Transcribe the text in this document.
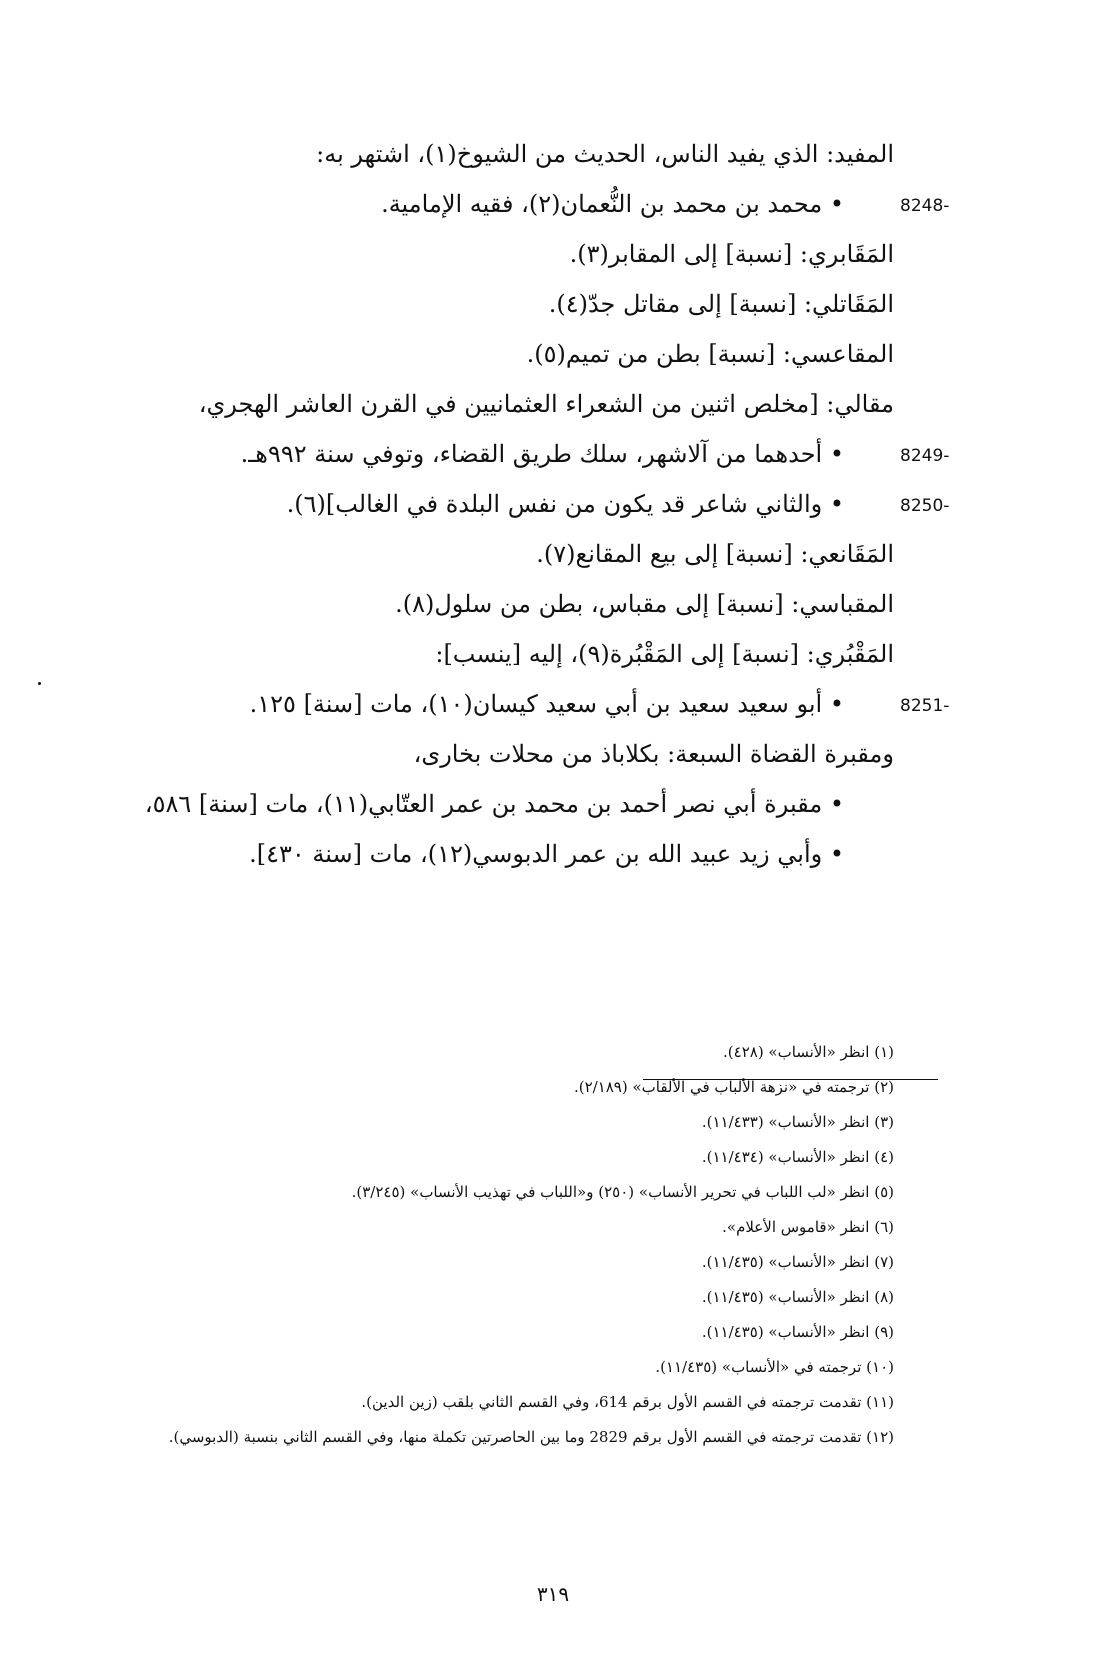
المفيد: الذي يفيد الناس، الحديث من الشيوخ(١)، اشتهر به:
• محمد بن محمد بن النُّعمان(٢)، فقيه الإمامية.
المَقَابري: [نسبة] إلى المقابر(٣).
المَقَاتلي: [نسبة] إلى مقاتل جدّ(٤).
المقاعسي: [نسبة] بطن من تميم(٥).
مقالي: [مخلص اثنين من الشعراء العثمانيين في القرن العاشر الهجري،
• أحدهما من آلاشهر، سلك طريق القضاء، وتوفي سنة ٩٩٢هـ.
• والثاني شاعر قد يكون من نفس البلدة في الغالب](٦).
المَقَانعي: [نسبة] إلى بيع المقانع(٧).
المقباسي: [نسبة] إلى مقباس، بطن من سلول(٨).
المَقْبُري: [نسبة] إلى المَقْبُرة(٩)، إليه [ينسب]:
• أبو سعيد سعيد بن أبي سعيد كيسان(١٠)، مات [سنة] ١٢٥.
ومقبرة القضاة السبعة: بكلاباذ من محلات بخارى،
• مقبرة أبي نصر أحمد بن محمد بن عمر العتّابي(١١)، مات [سنة] ٥٨٦،
• وأبي زيد عبيد الله بن عمر الدبوسي(١٢)، مات [سنة ٤٣٠].
8248-
8249-
8250-
8251-
(١) انظر «الأنساب» (٤٢٨).
(٢) ترجمته في «نزهة الألباب في الألقاب» (٢/١٨٩).
(٣) انظر «الأنساب» (١١/٤٣٣).
(٤) انظر «الأنساب» (١١/٤٣٤).
(٥) انظر «لب اللباب في تحرير الأنساب» (٢٥٠) و«اللباب في تهذيب الأنساب» (٣/٢٤٥).
(٦) انظر «قاموس الأعلام».
(٧) انظر «الأنساب» (١١/٤٣٥).
(٨) انظر «الأنساب» (١١/٤٣٥).
(٩) انظر «الأنساب» (١١/٤٣٥).
(١٠) ترجمته في «الأنساب» (١١/٤٣٥).
(١١) تقدمت ترجمته في القسم الأول برقم 614، وفي القسم الثاني بلقب (زين الدين).
(١٢) تقدمت ترجمته في القسم الأول برقم 2829 وما بين الحاصرتين تكملة منها، وفي القسم الثاني بنسبة (الدبوسي).
٣١٩
